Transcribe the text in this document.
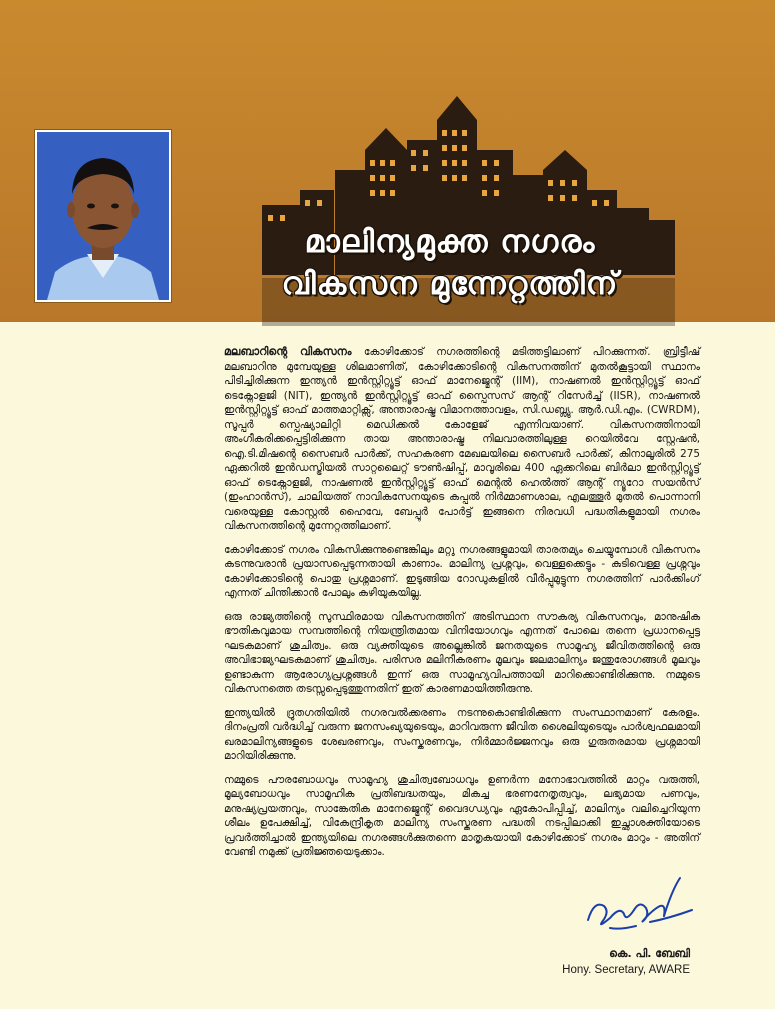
മാലിന്യമുക്ത നഗരം
വികസന മുന്നേറ്റത്തിന്

മലബാറിന്റെ വികസനം കോഴിക്കോട് നഗരത്തിന്റെ മടിത്തട്ടിലാണ് പിറക്കുന്നത്. ബ്രിട്ടീഷ് മലബാറിനു മുമ്പേയുള്ള ശിലമാണിത്, കോഴിക്കോടിന്റെ വികസനത്തിന് മുതൽകൂട്ടായി സ്ഥാനം പിടിച്ചിരിക്കുന്ന ഇന്ത്യൻ ഇൻസ്റ്റിറ്റ്യൂട്ട് ഓഫ് മാനേജ്മെന്റ് (IIM), നാഷണൽ ഇൻസ്റ്റിറ്റ്യൂട്ട് ഓഫ് ടെക്നോളജി (NIT), ഇന്ത്യൻ ഇൻസ്റ്റിറ്റ്യൂട്ട് ഓഫ് സ്പൈസസ് ആന്റ് റിസേർച്ച് (IISR), നാഷണൽ ഇൻസ്റ്റിറ്റ്യൂട്ട് ഓഫ് മാത്തമാറ്റിക്സ്, അന്താരാഷ്ട്ര വിമാനത്താവളം, സി.ഡബ്ല്യു. ആർ.ഡി.എം. (CWRDM), സൂപ്പർ സ്പെഷ്യാലിറ്റി മെഡിക്കൽ കോളേജ് എന്നിവയാണ്. വികസനത്തിനായി അംഗീകരിക്കപ്പെട്ടിരിക്കുന്ന തായ അന്താരാഷ്ട്ര നിലവാരത്തിലുള്ള റെയിൽവേ സ്റ്റേഷൻ, ഐ.ടി.മിഷന്റെ സൈബർ പാർക്ക്, സഹകരണ മേഖലയിലെ സൈബർ പാർക്ക്, കിനാലൂരിൽ 275 ഏക്കറിൽ ഇൻഡസ്ട്രിയൽ സാറ്റലൈറ്റ് ടൗൺഷിപ്പ്, മാവൂരിലെ 400 ഏക്കറിലെ ബിർലാ ഇൻസ്റ്റിറ്റ്യൂട്ട് ഓഫ് ടെക്നോളജി, നാഷണൽ ഇൻസ്റ്റിറ്റ്യൂട്ട് ഓഫ് മെന്റൽ ഹെൽത്ത് ആന്റ് ന്യൂറോ സയൻസ് (ഇംഹാൻസ്), ചാലിയത്ത് നാവികസേനയുടെ കപ്പൽ നിർമ്മാണശാല, എലത്തൂർ മുതൽ പൊന്നാനി വരെയുള്ള കോസ്റ്റൽ ഹൈവേ, ബേപ്പൂർ പോർട്ട് ഇങ്ങനെ നിരവധി പദ്ധതികളുമായി നഗരം വികസനത്തിന്റെ മുന്നേറ്റത്തിലാണ്.

കോഴിക്കോട് നഗരം വികസിക്കുന്നുണ്ടെങ്കിലും മറ്റു നഗരങ്ങളുമായി താരതമ്യം ചെയ്യുമ്പോൾ വികസനം കടന്നുവരാൻ പ്രയാസപ്പെടുന്നതായി കാണാം. മാലിന്യ പ്രശ്നവും, വെള്ളക്കെട്ടും - കുടിവെള്ള പ്രശ്നവും കോഴിക്കോടിന്റെ പൊതു പ്രശ്നമാണ്. ഇടുങ്ങിയ റോഡുകളിൽ വീർപ്പുമുട്ടുന്ന നഗരത്തിന് പാർക്കിംഗ് എന്നത് ചിന്തിക്കാൻ പോലും കഴിയുകയില്ല.

ഒരു രാജ്യത്തിന്റെ സുസ്ഥിരമായ വികസനത്തിന് അടിസ്ഥാന സൗകര്യ വികസനവും, മാനുഷിക ഭൗതികവുമായ സമ്പത്തിന്റെ നിയന്ത്രിതമായ വിനിയോഗവും എന്നത് പോലെ തന്നെ പ്രധാനപ്പെട്ട ഘടകമാണ് ശുചിത്വം. ഒരു വ്യക്തിയുടെ അല്ലെങ്കിൽ ജനതയുടെ സാമൂഹ്യ ജീവിതത്തിന്റെ ഒരു അവിഭാജ്യഘടകമാണ് ശുചിത്വം. പരിസര മലിനീകരണം മൂലവും ജലമാലിന്യം ജന്തുരോഗങ്ങൾ മൂലവും ഉണ്ടാകുന്ന ആരോഗ്യപ്രശ്നങ്ങൾ ഇന്ന് ഒരു സാമൂഹ്യവിപത്തായി മാറിക്കൊണ്ടിരിക്കുന്നു. നമ്മുടെ വികസനത്തെ തടസ്സപ്പെടുത്തുന്നതിന് ഇത് കാരണമായിത്തീരുന്നു.

ഇന്ത്യയിൽ ദ്രുതഗതിയിൽ നഗരവൽക്കരണം നടന്നുകൊണ്ടിരിക്കുന്ന സംസ്ഥാനമാണ് കേരളം. ദിനംപ്രതി വർദ്ധിച്ച് വരുന്ന ജനസംഖ്യയുടെയും, മാറിവരുന്ന ജീവിത ശൈലിയുടെയും പാർശ്വഫലമായി ഖരമാലിന്യങ്ങളുടെ ശേഖരണവും, സംസ്കരണവും, നിർമ്മാർജ്ജനവും ഒരു ഗുരുതരമായ പ്രശ്നമായി മാറിയിരിക്കുന്നു.

നമ്മുടെ പൗരബോധവും സാമൂഹ്യ ശുചിത്വബോധവും ഉണർന്ന മനോഭാവത്തിൽ മാറ്റം വരുത്തി, മൂല്യബോധവും സാമൂഹിക പ്രതിബദ്ധതയും, മികച്ച ഭരണനേതൃത്വവും, ലഭ്യമായ പണവും, മനുഷ്യപ്രയത്നവും, സാങ്കേതിക മാനേജ്മെന്റ് വൈദഗ്ധ്യവും ഏകോപിപ്പിച്ച്, മാലിന്യം വലിച്ചെറിയുന്ന ശീലം ഉപേക്ഷിച്ച്, വികേന്ദ്രീകൃത മാലിന്യ സംസ്കരണ പദ്ധതി നടപ്പിലാക്കി ഇച്ഛാശക്തിയോടെ പ്രവർത്തിച്ചാൽ ഇന്ത്യയിലെ നഗരങ്ങൾക്കുതന്നെ മാതൃകയായി കോഴിക്കോട് നഗരം മാറും - അതിന് വേണ്ടി നമുക്ക് പ്രതിജ്ഞയെടുക്കാം.

കെ. പി. ബേബി
Hony. Secretary, AWARE
